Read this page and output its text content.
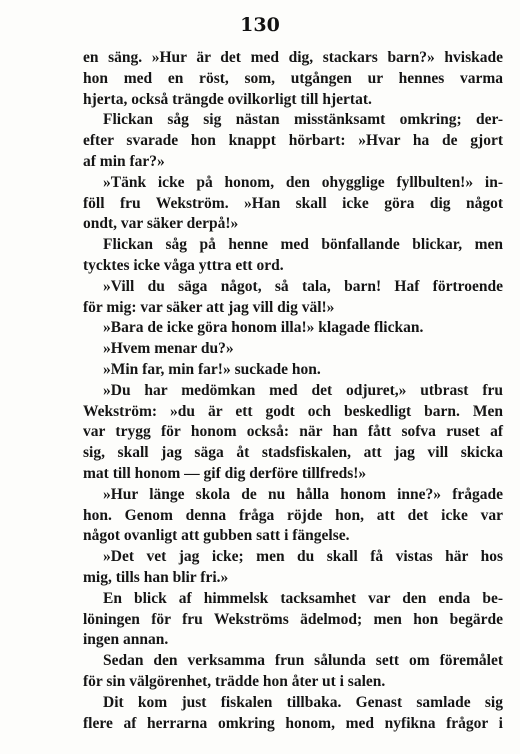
130
en säng. »Hur är det med dig, stackars barn?» hviskade
hon med en röst, som, utgången ur hennes varma
hjerta, också trängde ovilkorligt till hjertat.
Flickan såg sig nästan misstänksamt omkring; der-
efter svarade hon knappt hörbart: »Hvar ha de gjort
af min far?»
»Tänk icke på honom, den ohygglige fyllbulten!» in-
föll fru Wekström. »Han skall icke göra dig något
ondt, var säker derpå!»
Flickan såg på henne med bönfallande blickar, men
tycktes icke våga yttra ett ord.
»Vill du säga något, så tala, barn! Haf förtroende
för mig: var säker att jag vill dig väl!»
»Bara de icke göra honom illa!» klagade flickan.
»Hvem menar du?»
»Min far, min far!» suckade hon.
»Du har medömkan med det odjuret,» utbrast fru
Wekström: »du är ett godt och beskedligt barn. Men
var trygg för honom också: när han fått sofva ruset af
sig, skall jag säga åt stadsfiskalen, att jag vill skicka
mat till honom — gif dig derföre tillfreds!»
»Hur länge skola de nu hålla honom inne?» frågade
hon. Genom denna fråga röjde hon, att det icke var
något ovanligt att gubben satt i fängelse.
»Det vet jag icke; men du skall få vistas här hos
mig, tills han blir fri.»
En blick af himmelsk tacksamhet var den enda be-
löningen för fru Wekströms ädelmod; men hon begärde
ingen annan.
Sedan den verksamma frun sålunda sett om föremålet
för sin välgörenhet, trädde hon åter ut i salen.
Dit kom just fiskalen tillbaka. Genast samlade sig
flere af herrarna omkring honom, med nyfikna frågor i
